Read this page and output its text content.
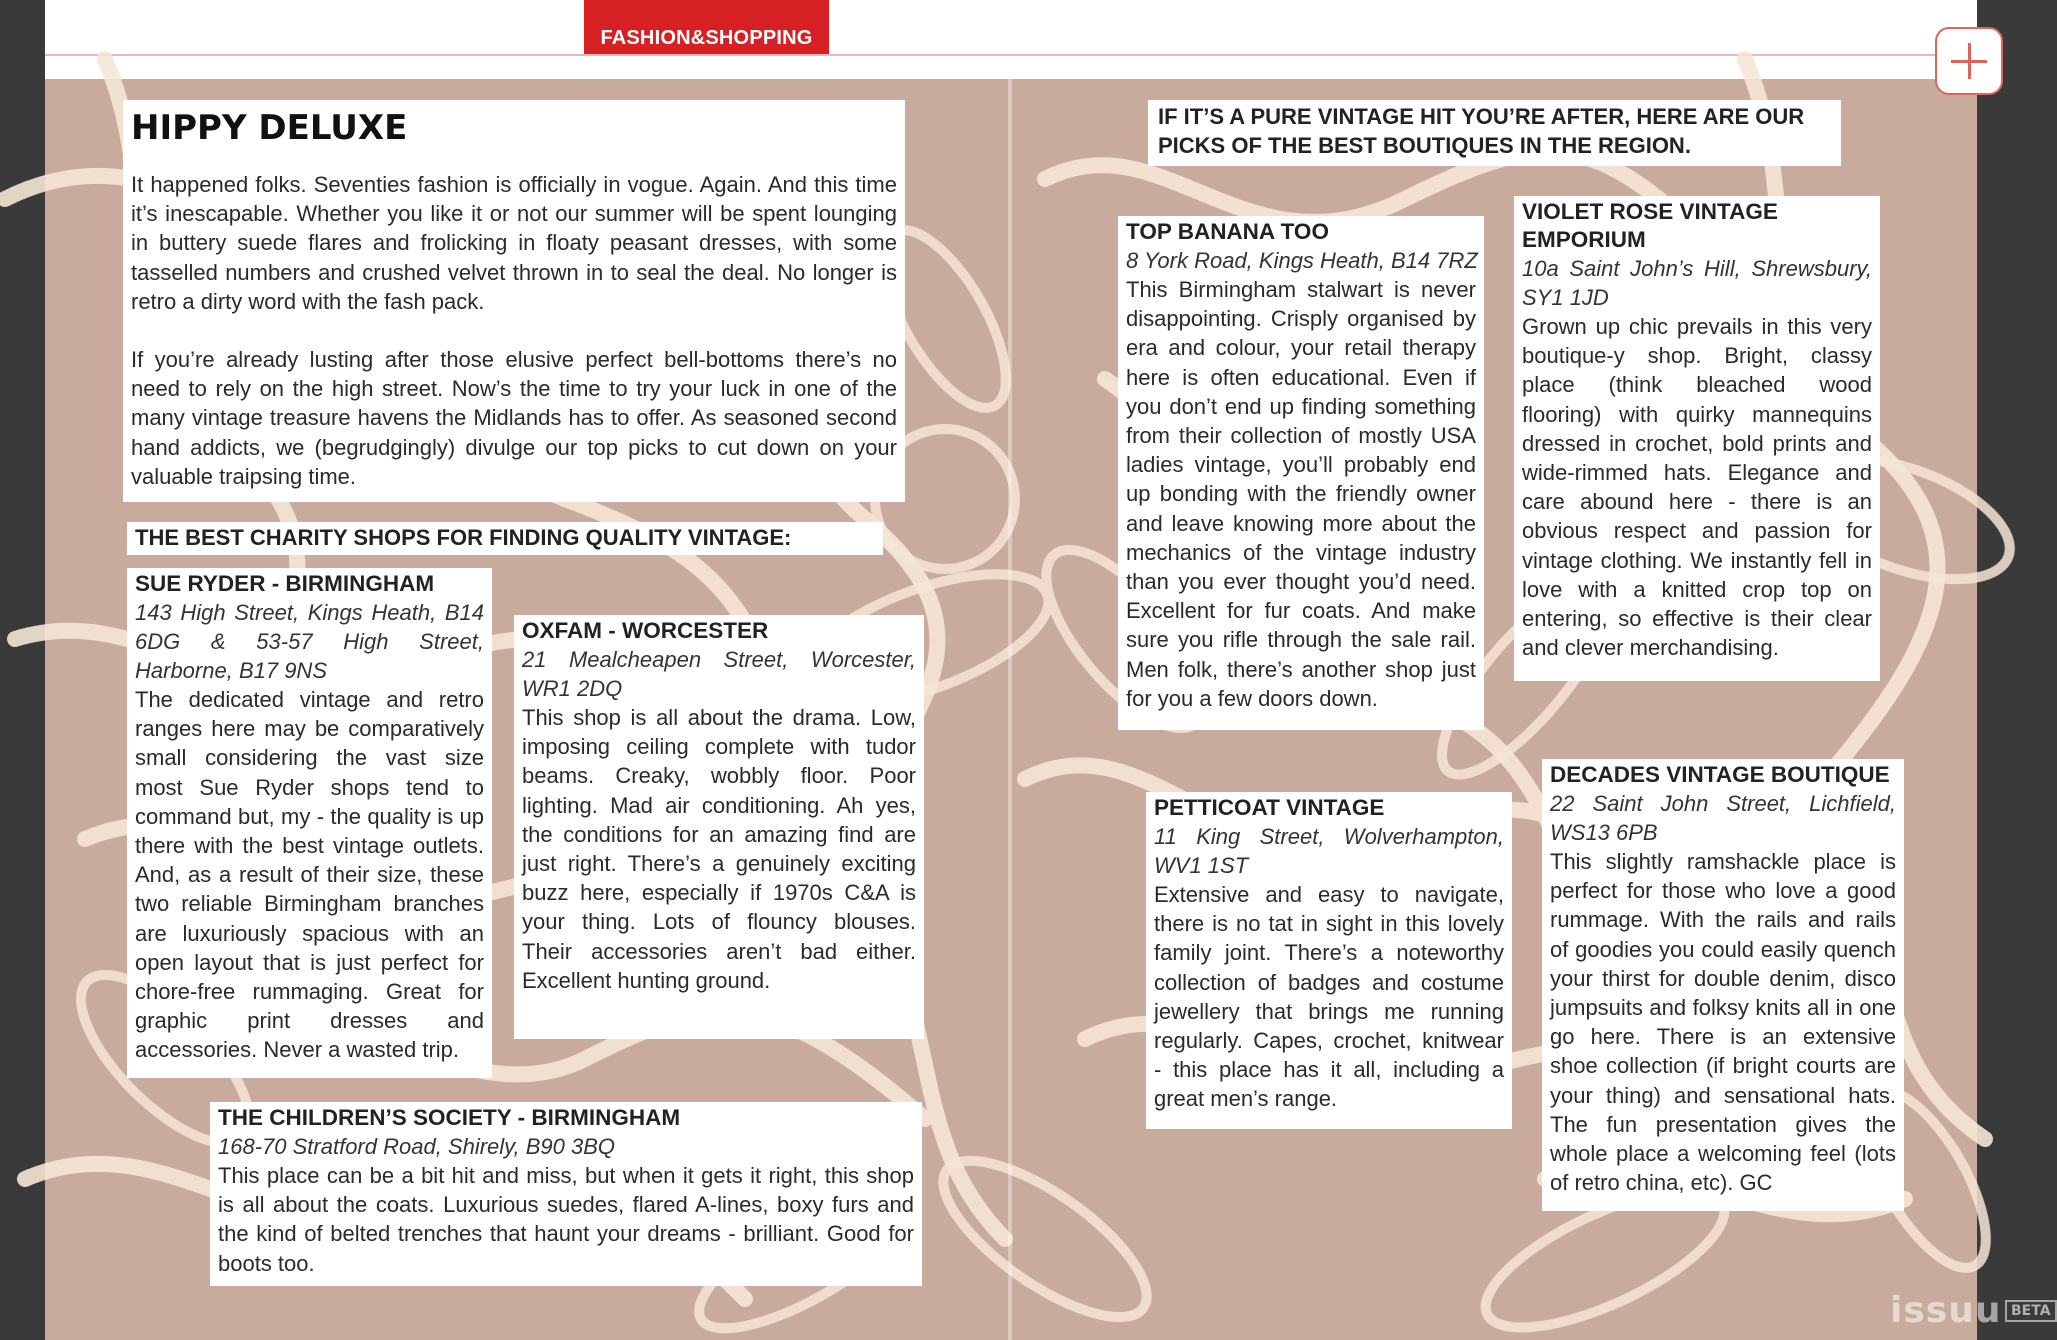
FASHION&SHOPPING
HIPPY DELUXE
It happened folks. Seventies fashion is officially in vogue. Again. And this time it’s inescapable. Whether you like it or not our summer will be spent lounging in buttery suede flares and frolicking in floaty peasant dresses, with some tasselled numbers and crushed velvet thrown in to seal the deal. No longer is retro a dirty word with the fash pack.
If you’re already lusting after those elusive perfect bell-bottoms there’s no need to rely on the high street. Now’s the time to try your luck in one of the many vintage treasure havens the Midlands has to offer. As seasoned second hand addicts, we (begrudgingly) divulge our top picks to cut down on your valuable traipsing time.
THE BEST CHARITY SHOPS FOR FINDING QUALITY VINTAGE:
SUE RYDER - BIRMINGHAM
143 High Street, Kings Heath, B14 6DG & 53-57 High Street, Harborne, B17 9NS
The dedicated vintage and retro ranges here may be comparatively small considering the vast size most Sue Ryder shops tend to command but, my - the quality is up there with the best vintage outlets. And, as a result of their size, these two reliable Birmingham branches are luxuriously spacious with an open layout that is just perfect for chore-free rummaging. Great for graphic print dresses and accessories. Never a wasted trip.
OXFAM - WORCESTER
21 Mealcheapen Street, Worcester, WR1 2DQ
This shop is all about the drama. Low, imposing ceiling complete with tudor beams. Creaky, wobbly floor. Poor lighting. Mad air conditioning. Ah yes, the conditions for an amazing find are just right. There’s a genuinely exciting buzz here, especially if 1970s C&A is your thing. Lots of flouncy blouses. Their accessories aren’t bad either. Excellent hunting ground.
THE CHILDREN’S SOCIETY - BIRMINGHAM
168-70 Stratford Road, Shirely, B90 3BQ
This place can be a bit hit and miss, but when it gets it right, this shop is all about the coats. Luxurious suedes, flared A-lines, boxy furs and the kind of belted trenches that haunt your dreams - brilliant. Good for boots too.
IF IT’S A PURE VINTAGE HIT YOU’RE AFTER, HERE ARE OUR PICKS OF THE BEST BOUTIQUES IN THE REGION.
TOP BANANA TOO
8 York Road, Kings Heath, B14 7RZ
This Birmingham stalwart is never disappointing. Crisply organised by era and colour, your retail therapy here is often educational. Even if you don’t end up finding something from their collection of mostly USA ladies vintage, you’ll probably end up bonding with the friendly owner and leave knowing more about the mechanics of the vintage industry than you ever thought you’d need. Excellent for fur coats. And make sure you rifle through the sale rail. Men folk, there’s another shop just for you a few doors down.
VIOLET ROSE VINTAGE EMPORIUM
10a Saint John’s Hill, Shrewsbury, SY1 1JD
Grown up chic prevails in this very boutique-y shop. Bright, classy place (think bleached wood flooring) with quirky mannequins dressed in crochet, bold prints and wide-rimmed hats. Elegance and care abound here - there is an obvious respect and passion for vintage clothing. We instantly fell in love with a knitted crop top on entering, so effective is their clear and clever merchandising.
PETTICOAT VINTAGE
11 King Street, Wolverhampton, WV1 1ST
Extensive and easy to navigate, there is no tat in sight in this lovely family joint. There’s a noteworthy collection of badges and costume jewellery that brings me running regularly. Capes, crochet, knitwear - this place has it all, including a great men’s range.
DECADES VINTAGE BOUTIQUE
22 Saint John Street, Lichfield, WS13 6PB
This slightly ramshackle place is perfect for those who love a good rummage. With the rails and rails of goodies you could easily quench your thirst for double denim, disco jumpsuits and folksy knits all in one go here. There is an extensive shoe collection (if bright courts are your thing) and sensational hats. The fun presentation gives the whole place a welcoming feel (lots of retro china, etc). GC
issuu BETA
